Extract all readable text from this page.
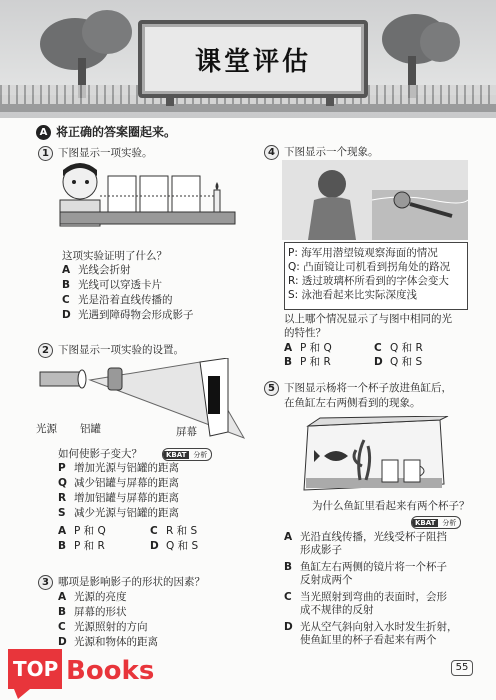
课堂评估
A 将正确的答案圈起来。
1 下图显示一项实验。
这项实验证明了什么？
A 光线会折射
B 光线可以穿透卡片
C 光是沿着直线传播的
D 光遇到障碍物会形成影子
2 下图显示一项实验的设置。
光源 铝罐	屏幕
如何使影子变大？	KBAT	分析
P 增加光源与铝罐的距离
Q 减少铝罐与屏幕的距离
R 增加铝罐与屏幕的距离
S 减少光源与铝罐的距离
A P 和 Q	C R 和 S
B P 和 R	D Q 和 S
3 哪项是影响影子的形状的因素？
A 光源的亮度
B 屏幕的形状
C 光源照射的方向
D 光源和物体的距离
4 下图显示一个现象。
P: 海军用潜望镜观察海面的情况
Q: 凸面镜让司机看到拐角处的路况
R: 透过玻璃杯所看到的字体会变大
S: 泳池看起来比实际深度浅
以上哪个情况显示了与图中相同的光
的特性？
A P 和 Q	C Q 和 R
B P 和 R	D Q 和 S
5 下图显示杨将一个杯子放进鱼缸后，
在鱼缸左右两侧看到的现象。
为什么鱼缸里看起来有两个杯子？
KBAT	分析
A 光沿直线传播，光线受杯子阻挡
形成影子
B 鱼缸左右两侧的镜片将一个杯子
反射成两个
C 当光照射到弯曲的表面时，会形
成不规律的反射
D 光从空气斜向射入水时发生折射，
使鱼缸里的杯子看起来有两个
55
TOP Books
